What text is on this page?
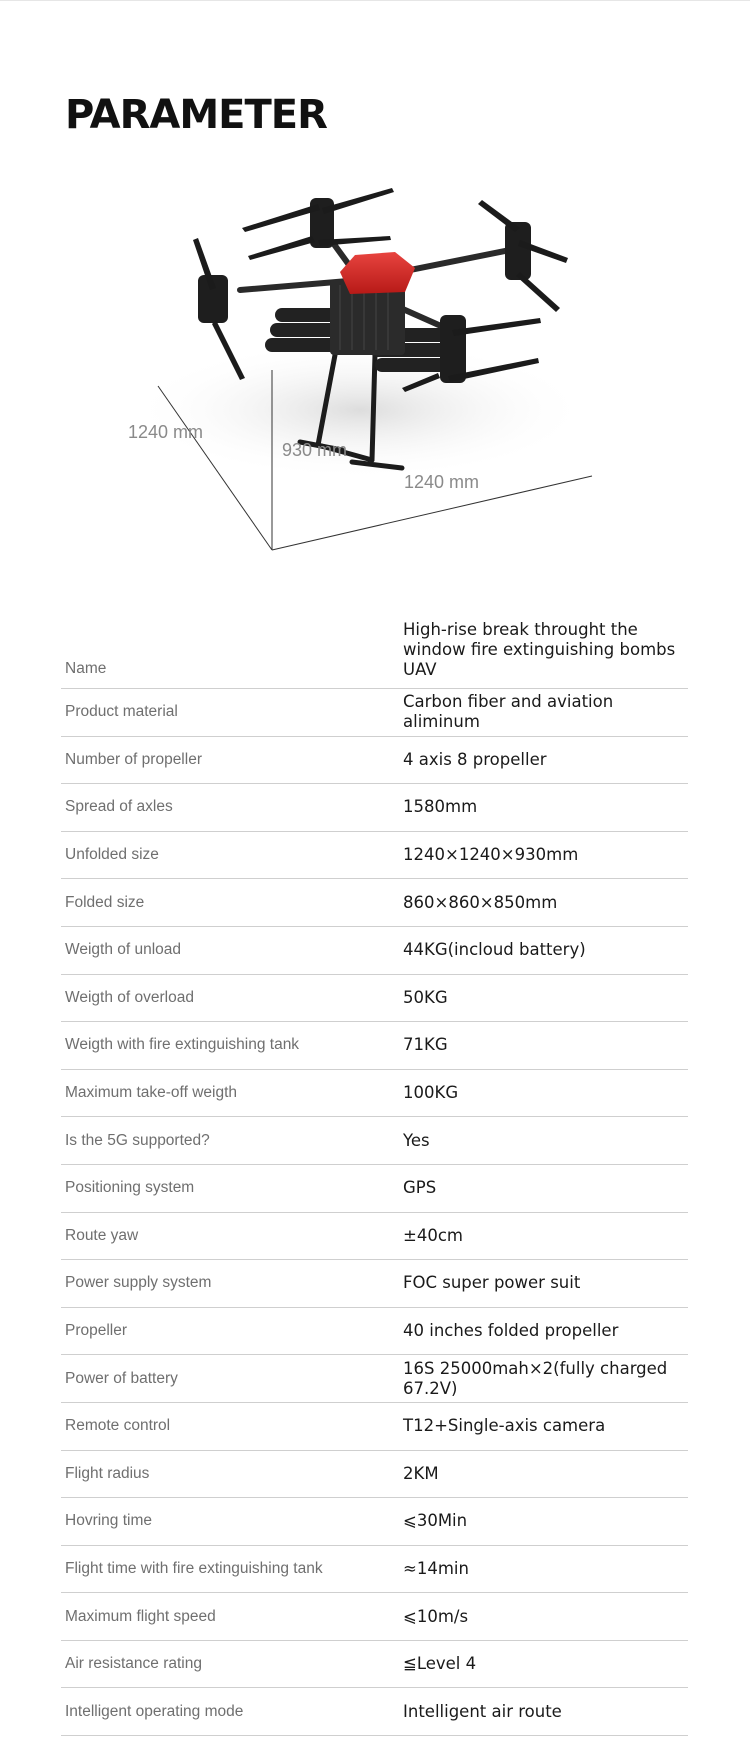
PARAMETER
1240 mm
930 mm
1240 mm
Name	High-rise break throught the window fire extinguishing bombs UAV
Product material	Carbon fiber and aviation aliminum
Number of propeller	4 axis 8 propeller
Spread of axles	1580mm
Unfolded size	1240×1240×930mm
Folded size	860×860×850mm
Weigth of unload	44KG(incloud battery)
Weigth of overload	50KG
Weigth with fire extinguishing tank	71KG
Maximum take-off weigth	100KG
Is the 5G supported?	Yes
Positioning system	GPS
Route yaw	±40cm
Power supply system	FOC super power suit
Propeller	40 inches folded propeller
Power of battery	16S 25000mah×2(fully charged 67.2V)
Remote control	T12+Single-axis camera
Flight radius	2KM
Hovring time	⩽30Min
Flight time with fire extinguishing tank	≈14min
Maximum flight speed	⩽10m/s
Air resistance rating	≦Level 4
Intelligent operating mode	Intelligent air route
